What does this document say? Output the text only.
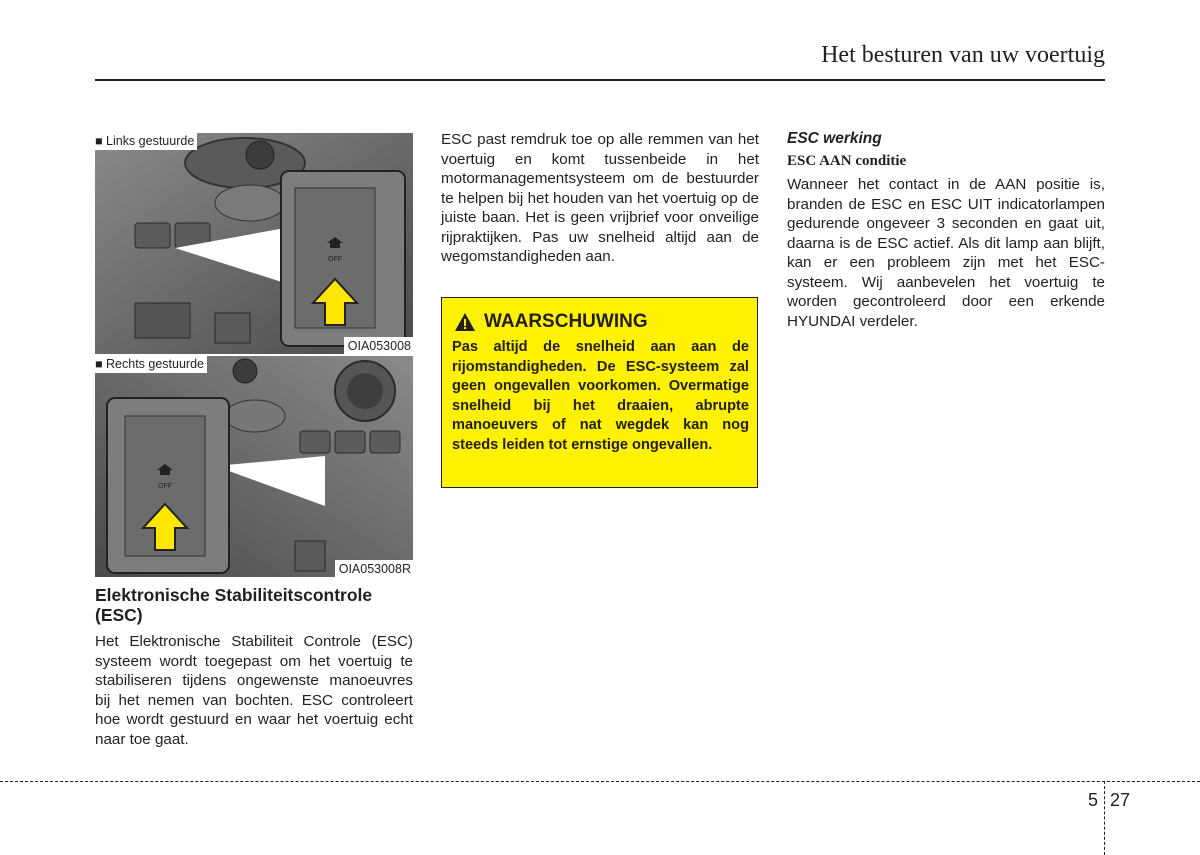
Het besturen van uw voertuig
OFF
■ Links gestuurde
OIA053008
OFF
■ Rechts gestuurde
OIA053008R
Elektronische Stabiliteitscontrole (ESC)
Het Elektronische Stabiliteit Controle (ESC) systeem wordt toegepast om het voertuig te stabiliseren tijdens ongewenste manoeuvres bij het nemen van bochten. ESC controleert hoe wordt gestuurd en waar het voertuig echt naar toe gaat.
ESC past remdruk toe op alle remmen van het voertuig en komt tussenbeide in het motormanagementsysteem om de bestuurder te helpen bij het houden van het voertuig op de juiste baan. Het is geen vrijbrief voor onveilige rijpraktijken. Pas uw snelheid altijd aan de wegomstandigheden aan.
WAARSCHUWING
Pas altijd de snelheid aan aan de rijomstandigheden. De ESC-systeem zal geen ongevallen voorkomen. Overmatige snelheid bij het draaien, abrupte manoeuvers of nat wegdek kan nog steeds leiden tot ernstige ongevallen.
ESC werking
ESC AAN conditie
Wanneer het contact in de AAN positie is, branden de ESC en ESC UIT indicatorlampen gedurende ongeveer 3 seconden en gaat uit, daarna is de ESC actief. Als dit lamp aan blijft, kan er een probleem zijn met het ESC-systeem. Wij aanbevelen het voertuig te worden gecontroleerd door een erkende HYUNDAI verdeler.
5 27
